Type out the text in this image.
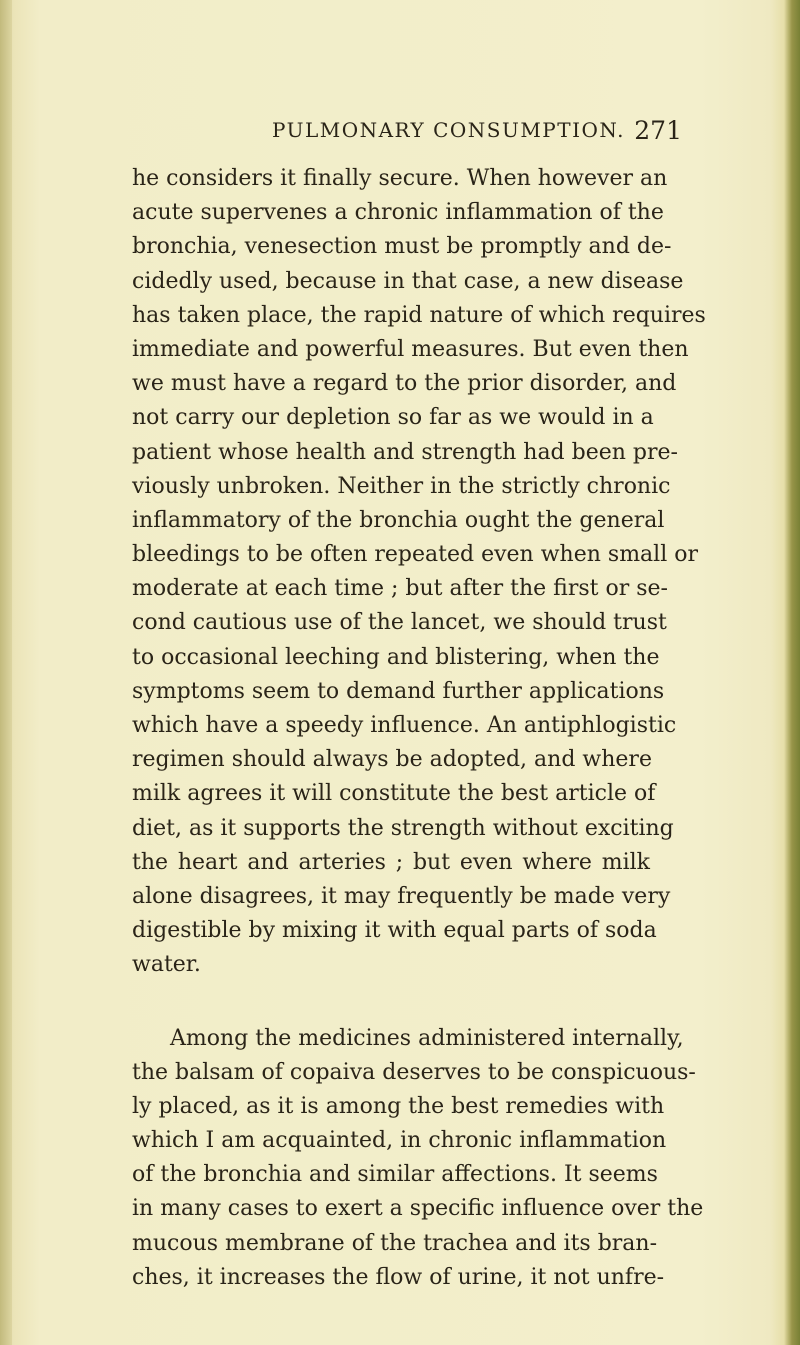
PULMONARY CONSUMPTION. 271
he considers it finally secure. When however an
acute supervenes a chronic inflammation of the
bronchia, venesection must be promptly and de-
cidedly used, because in that case, a new disease
has taken place, the rapid nature of which requires
immediate and powerful measures. But even then
we must have a regard to the prior disorder, and
not carry our depletion so far as we would in a
patient whose health and strength had been pre-
viously unbroken. Neither in the strictly chronic
inflammatory of the bronchia ought the general
bleedings to be often repeated even when small or
moderate at each time ; but after the first or se-
cond cautious use of the lancet, we should trust
to occasional leeching and blistering, when the
symptoms seem to demand further applications
which have a speedy influence. An antiphlogistic
regimen should always be adopted, and where
milk agrees it will constitute the best article of
diet, as it supports the strength without exciting
the heart and arteries ; but even where milk
alone disagrees, it may frequently be made very
digestible by mixing it with equal parts of soda
water.
Among the medicines administered internally,
the balsam of copaiva deserves to be conspicuous-
ly placed, as it is among the best remedies with
which I am acquainted, in chronic inflammation
of the bronchia and similar affections. It seems
in many cases to exert a specific influence over the
mucous membrane of the trachea and its bran-
ches, it increases the flow of urine, it not unfre-
